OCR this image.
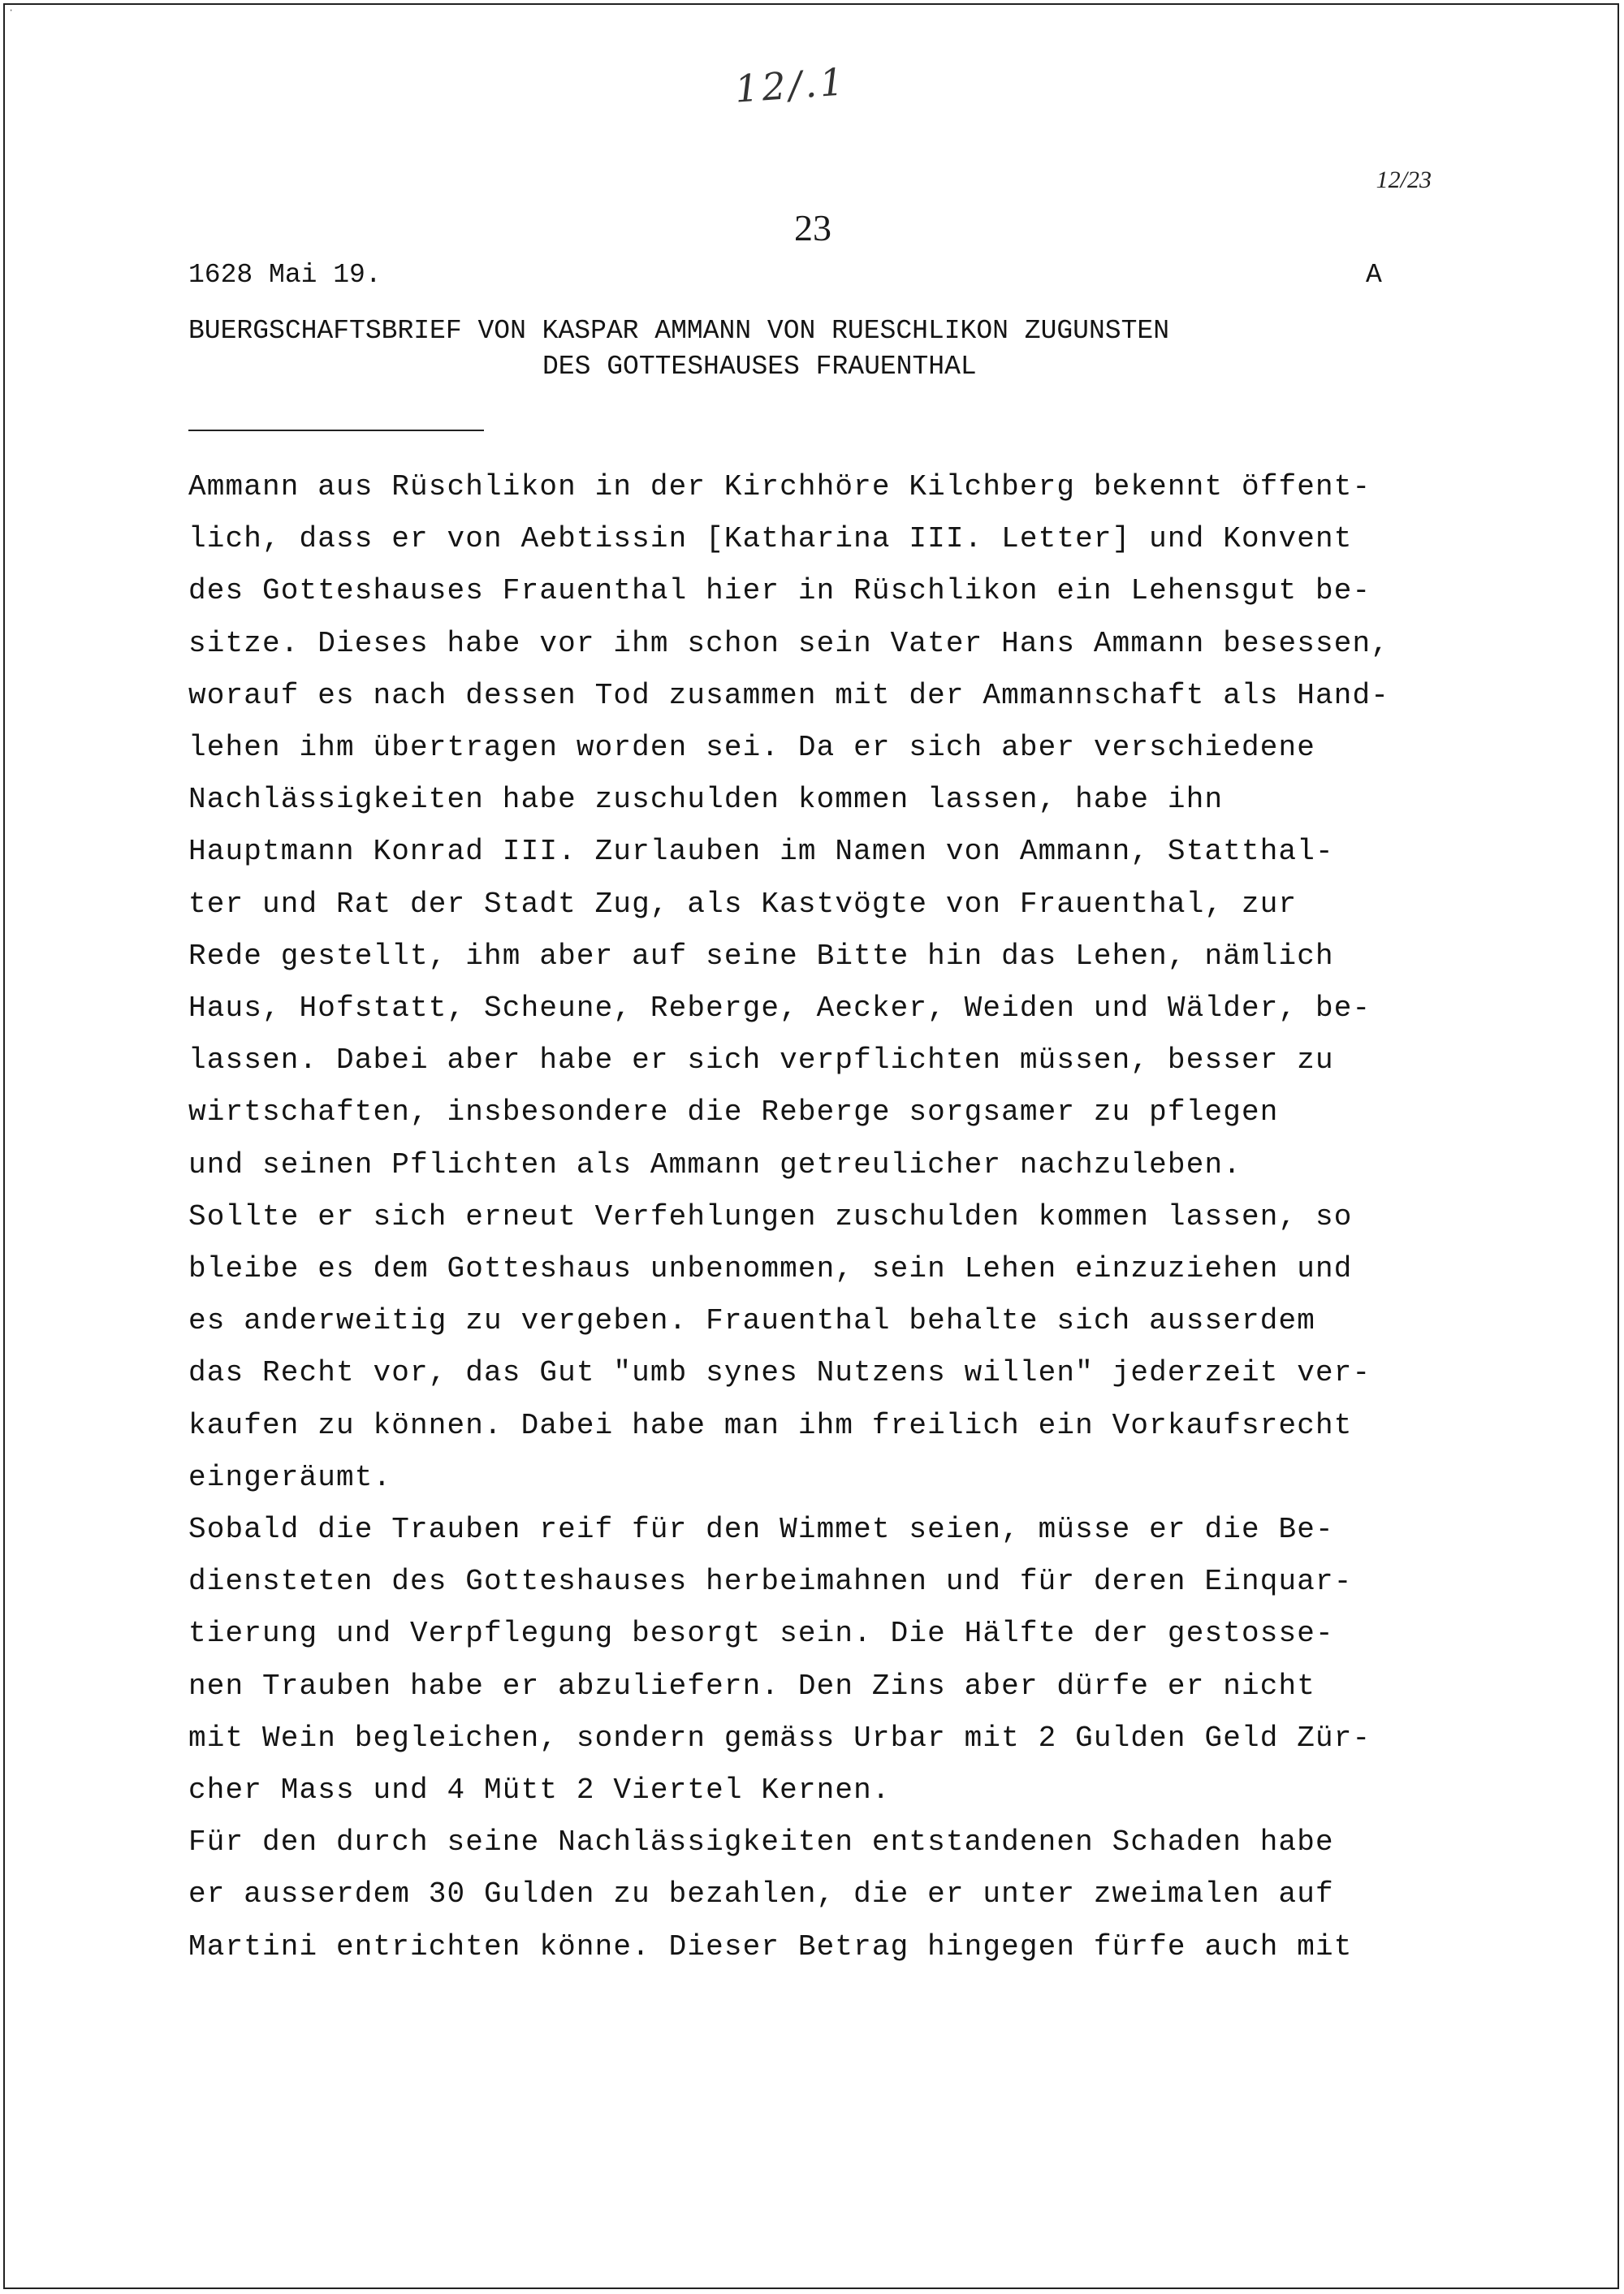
·
12/.1
12/23
23
1628 Mai 19.	A
BUERGSCHAFTSBRIEF VON KASPAR AMMANN VON RUESCHLIKON ZUGUNSTEN
DES GOTTESHAUSES FRAUENTHAL
Ammann aus Rüschlikon in der Kirchhöre Kilchberg bekennt öffent-
lich, dass er von Aebtissin [Katharina III. Letter] und Konvent
des Gotteshauses Frauenthal hier in Rüschlikon ein Lehensgut be-
sitze. Dieses habe vor ihm schon sein Vater Hans Ammann besessen,
worauf es nach dessen Tod zusammen mit der Ammannschaft als Hand-
lehen ihm übertragen worden sei. Da er sich aber verschiedene
Nachlässigkeiten habe zuschulden kommen lassen, habe ihn
Hauptmann Konrad III. Zurlauben im Namen von Ammann, Statthal-
ter und Rat der Stadt Zug, als Kastvögte von Frauenthal, zur
Rede gestellt, ihm aber auf seine Bitte hin das Lehen, nämlich
Haus, Hofstatt, Scheune, Reberge, Aecker, Weiden und Wälder, be-
lassen. Dabei aber habe er sich verpflichten müssen, besser zu
wirtschaften, insbesondere die Reberge sorgsamer zu pflegen
und seinen Pflichten als Ammann getreulicher nachzuleben.
Sollte er sich erneut Verfehlungen zuschulden kommen lassen, so
bleibe es dem Gotteshaus unbenommen, sein Lehen einzuziehen und
es anderweitig zu vergeben. Frauenthal behalte sich ausserdem
das Recht vor, das Gut "umb synes Nutzens willen" jederzeit ver-
kaufen zu können. Dabei habe man ihm freilich ein Vorkaufsrecht
eingeräumt.
Sobald die Trauben reif für den Wimmet seien, müsse er die Be-
diensteten des Gotteshauses herbeimahnen und für deren Einquar-
tierung und Verpflegung besorgt sein. Die Hälfte der gestosse-
nen Trauben habe er abzuliefern. Den Zins aber dürfe er nicht
mit Wein begleichen, sondern gemäss Urbar mit 2 Gulden Geld Zür-
cher Mass und 4 Mütt 2 Viertel Kernen.
Für den durch seine Nachlässigkeiten entstandenen Schaden habe
er ausserdem 30 Gulden zu bezahlen, die er unter zweimalen auf
Martini entrichten könne. Dieser Betrag hingegen fürfe auch mit
